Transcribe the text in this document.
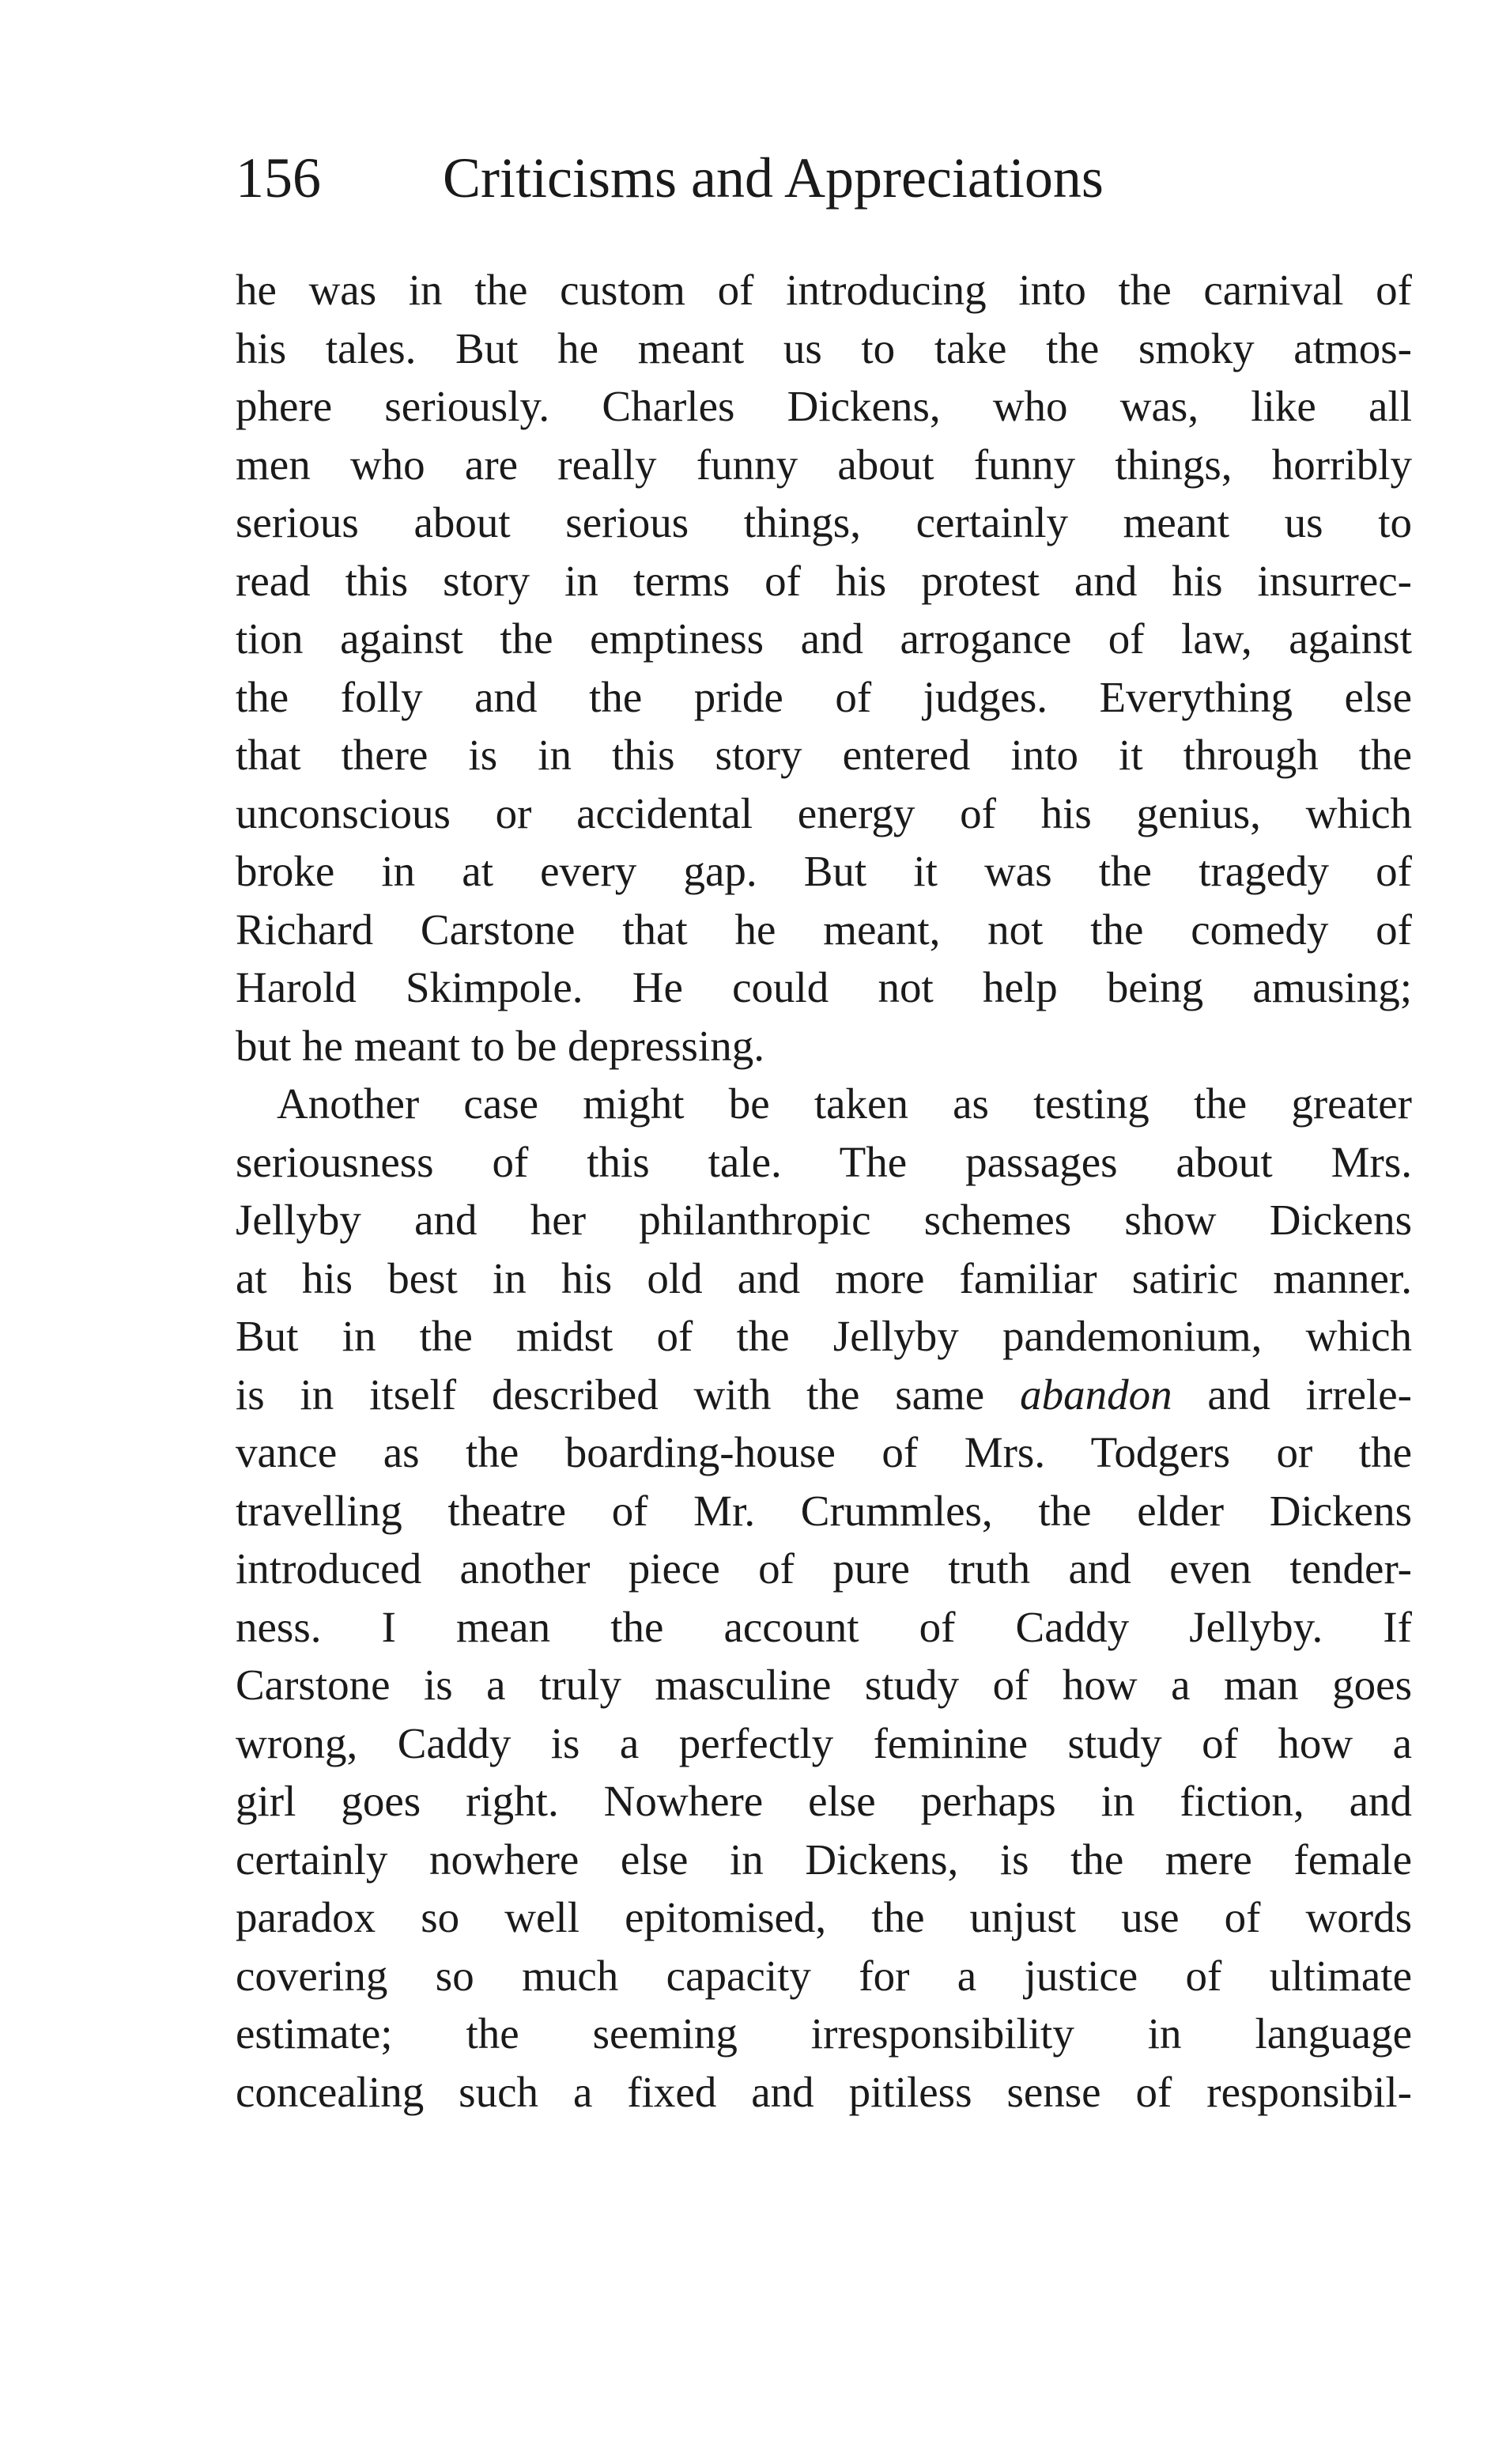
156 Criticisms and Appreciations
he was in the custom of introducing into the carnival of
his tales. But he meant us to take the smoky atmos-
phere seriously. Charles Dickens, who was, like all
men who are really funny about funny things, horribly
serious about serious things, certainly meant us to
read this story in terms of his protest and his insurrec-
tion against the emptiness and arrogance of law, against
the folly and the pride of judges. Everything else
that there is in this story entered into it through the
unconscious or accidental energy of his genius, which
broke in at every gap. But it was the tragedy of
Richard Carstone that he meant, not the comedy of
Harold Skimpole. He could not help being amusing;
but he meant to be depressing.
Another case might be taken as testing the greater
seriousness of this tale. The passages about Mrs.
Jellyby and her philanthropic schemes show Dickens
at his best in his old and more familiar satiric manner.
But in the midst of the Jellyby pandemonium, which
is in itself described with the same abandon and irrele-
vance as the boarding-house of Mrs. Todgers or the
travelling theatre of Mr. Crummles, the elder Dickens
introduced another piece of pure truth and even tender-
ness. I mean the account of Caddy Jellyby. If
Carstone is a truly masculine study of how a man goes
wrong, Caddy is a perfectly feminine study of how a
girl goes right. Nowhere else perhaps in fiction, and
certainly nowhere else in Dickens, is the mere female
paradox so well epitomised, the unjust use of words
covering so much capacity for a justice of ultimate
estimate; the seeming irresponsibility in language
concealing such a fixed and pitiless sense of responsibil-
